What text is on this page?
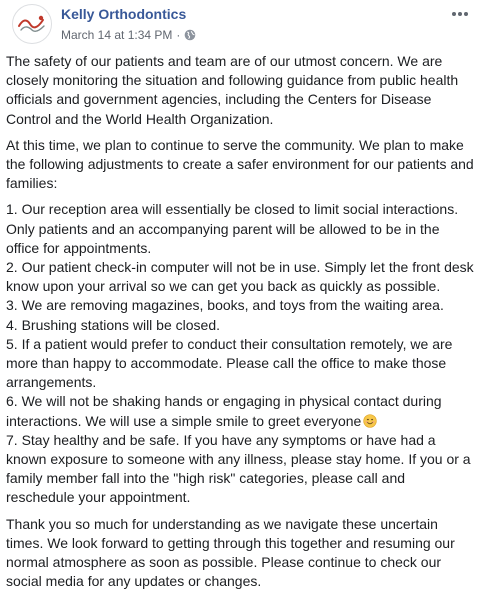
Kelly Orthodontics
March 14 at 1:34 PM ·

The safety of our patients and team are of our utmost concern. We are closely monitoring the situation and following guidance from public health officials and government agencies, including the Centers for Disease Control and the World Health Organization.

At this time, we plan to continue to serve the community. We plan to make the following adjustments to create a safer environment for our patients and families:

1. Our reception area will essentially be closed to limit social interactions. Only patients and an accompanying parent will be allowed to be in the office for appointments.
2. Our patient check-in computer will not be in use. Simply let the front desk know upon your arrival so we can get you back as quickly as possible.
3. We are removing magazines, books, and toys from the waiting area.
4. Brushing stations will be closed.
5. If a patient would prefer to conduct their consultation remotely, we are more than happy to accommodate. Please call the office to make those arrangements.
6. We will not be shaking hands or engaging in physical contact during interactions. We will use a simple smile to greet everyone
7. Stay healthy and be safe. If you have any symptoms or have had a known exposure to someone with any illness, please stay home. If you or a family member fall into the "high risk" categories, please call and reschedule your appointment.

Thank you so much for understanding as we navigate these uncertain times. We look forward to getting through this together and resuming our normal atmosphere as soon as possible. Please continue to check our social media for any updates or changes.
